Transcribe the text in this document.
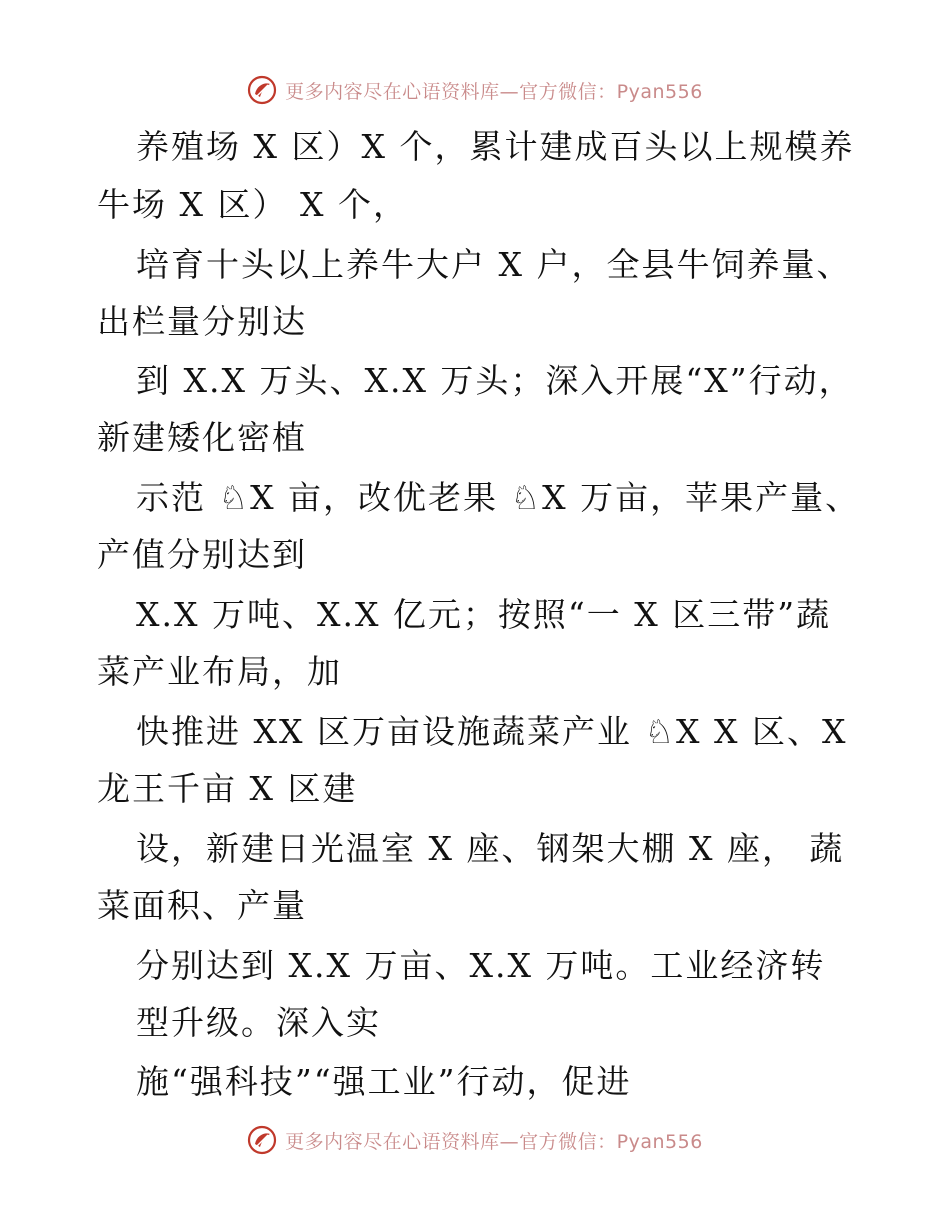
更多内容尽在心语资料库—官方微信：Pyan556
养殖场 X 区）X 个，累计建成百头以上规模养
牛场 X 区） X 个，
培育十头以上养牛大户 X 户，全县牛饲养量、
出栏量分别达
到 X.X 万头、X.X 万头；深入开展“X”行动，
新建矮化密植
示范 ♘X 亩，改优老果 ♘X 万亩，苹果产量、
产值分别达到
X.X 万吨、X.X 亿元；按照“一 X 区三带”蔬
菜产业布局，加
快推进 XX 区万亩设施蔬菜产业 ♘X X 区、X
龙王千亩 X 区建
设，新建日光温室 X 座、钢架大棚 X 座， 蔬
菜面积、产量
分别达到 X.X 万亩、X.X 万吨。工业经济转
型升级。深入实
施“强科技”“强工业”行动，促进
更多内容尽在心语资料库—官方微信：Pyan556
